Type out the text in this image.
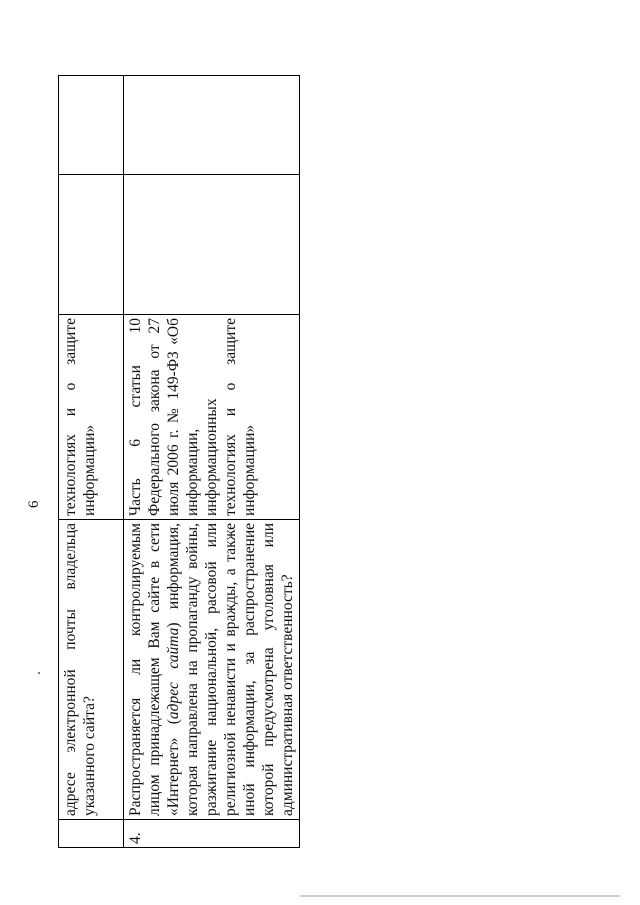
6
	адресе электронной почты владельца указанного сайта?	технологиях и о защите информации»		
4.	Распространяется ли контролируемым лицом принадлежащем Вам сайте в сети «Интернет» (адрес сайта) информация, которая направлена на пропаганду войны, разжигание национальной, расовой или религиозной ненависти и вражды, а также иной информации, за распространение которой предусмотрена уголовная или административная ответственность?	Часть 6 статьи 10 Федерального закона от 27 июля 2006 г. № 149-ФЗ «Об информации, информационных технологиях и о защите информации»		
